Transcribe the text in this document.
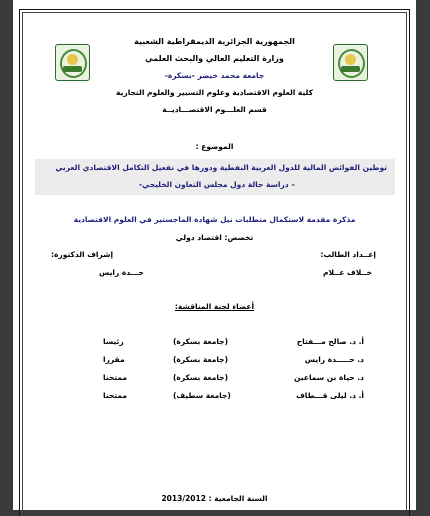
الجمهورية الجزائرية الديمقراطية الشعبية
وزارة التعليم العالي والبحث العلمي
جامعة محمد خيضر -بسكرة-
كلية العلوم الاقتصادية وعلوم التسيير والعلوم التجارية
قسم العلـــوم الاقتصـــاديــة
الموضوع :
توطين الفوائض المالية للدول العربية النفطية ودورها في تفعيل التكامل الاقتصادي العربي
– دراسة حالة دول مجلس التعاون الخليجي-
مذكرة مقدمة لاستكمال متطلبات نيل شهادة الماجستير في العلوم الاقتصادية
تخصص: اقتصاد دولي
إعــداد الطالب:
إشراف الدكتورة:
خــلاف عــلام
حـــدة رايس
أعضاء لجنة المناقشة:
أ. د. صالح مـــفتاح
(جامعة بسكرة)
رئيسا
د. حـــــدة رايس
(جامعة بسكرة)
مقررا
د. حياة بن سماعين
(جامعة بسكرة)
ممتحنا
أ. د. ليلى قـــطاف
(جامعة سطيف)
ممتحنا
السنة الجامعية : 2013/2012
